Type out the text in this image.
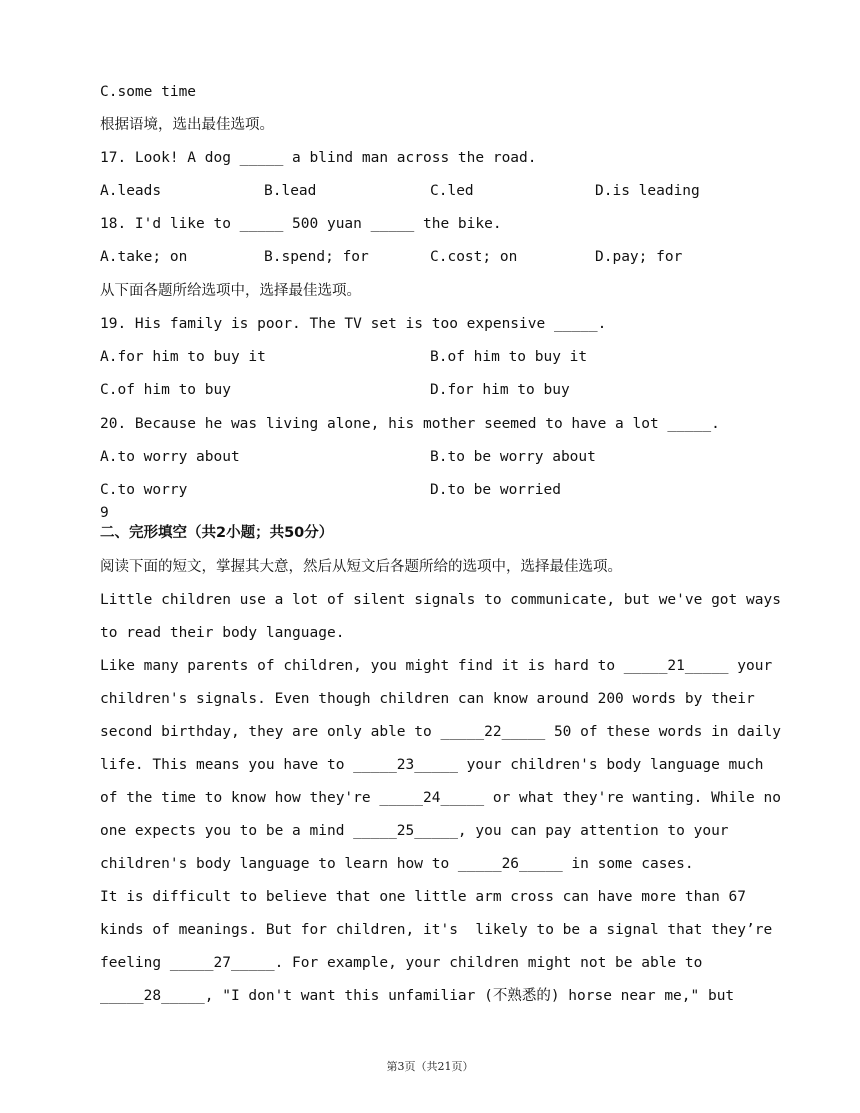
C.some time
根据语境，选出最佳选项。
17. Look! A dog _____ a blind man across the road.
A.leads	B.lead	C.led	D.is leading
18. I'd like to _____ 500 yuan _____ the bike.
A.take; on	B.spend; for	C.cost; on	D.pay; for
从下面各题所给选项中，选择最佳选项。
19. His family is poor. The TV set is too expensive _____.
A.for him to buy it	B.of him to buy it
C.of him to buy	D.for him to buy
20. Because he was living alone, his mother seemed to have a lot _____.
A.to worry about	B.to be worry about
C.to worry	D.to be worried
9
二、完形填空（共2小题；共50分）
阅读下面的短文，掌握其大意，然后从短文后各题所给的选项中，选择最佳选项。
Little children use a lot of silent signals to communicate, but we've got ways
to read their body language.
Like many parents of children, you might find it is hard to _____21_____ your
children's signals. Even though children can know around 200 words by their
second birthday, they are only able to _____22_____ 50 of these words in daily
life. This means you have to _____23_____ your children's body language much
of the time to know how they're _____24_____ or what they're wanting. While no
one expects you to be a mind _____25_____, you can pay attention to your
children's body language to learn how to _____26_____ in some cases.
It is difficult to believe that one little arm cross can have more than 67
kinds of meanings. But for children, it's  likely to be a signal that they’re
feeling _____27_____. For example, your children might not be able to
_____28_____, "I don't want this unfamiliar (不熟悉的) horse near me," but
第3页（共21页）
